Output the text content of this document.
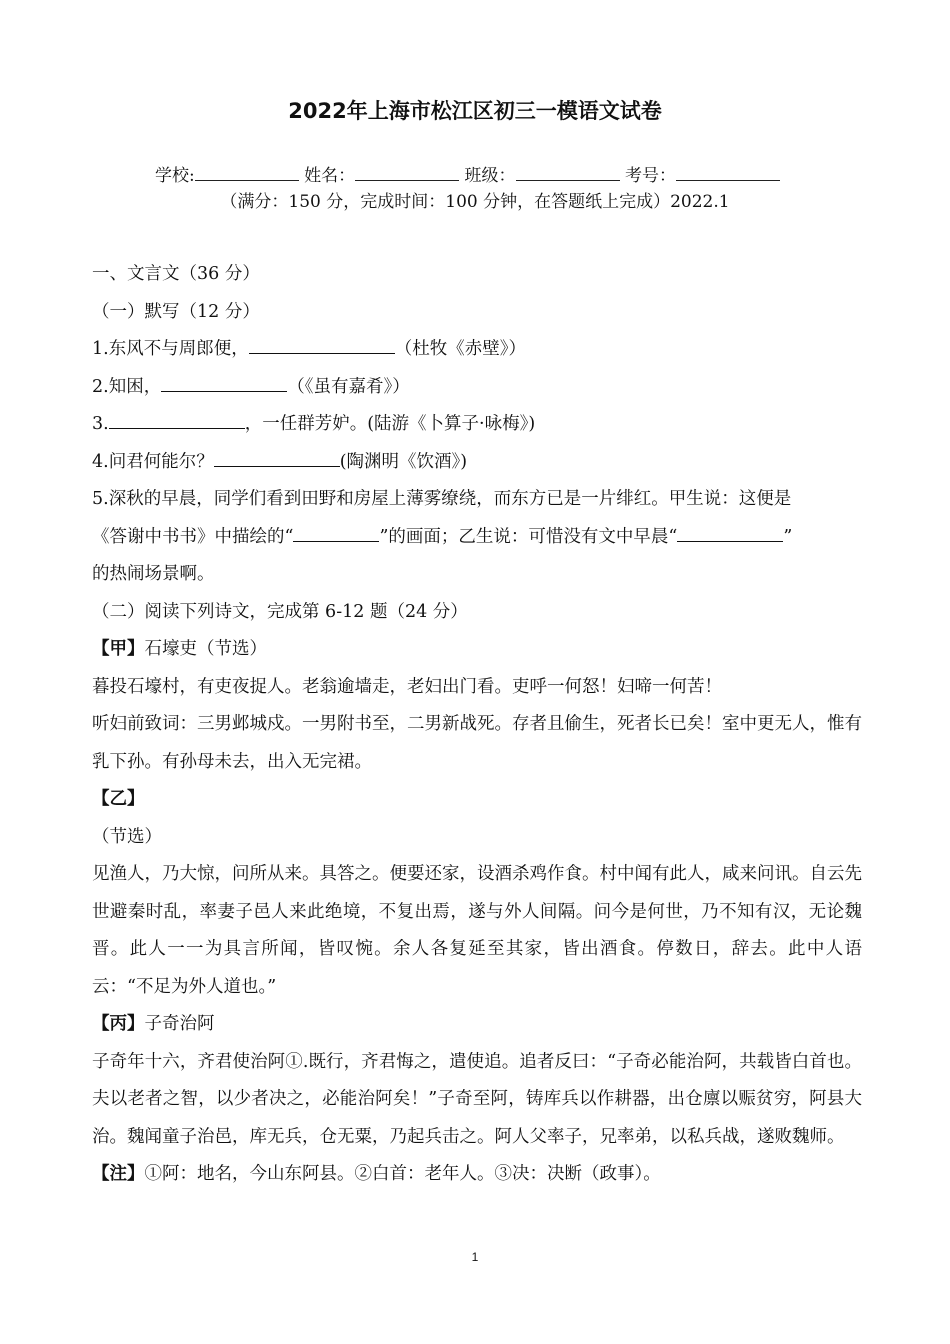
2022年上海市松江区初三一模语文试卷
学校:	姓名：	班级：	考号：
（满分：150 分，完成时间：100 分钟，在答题纸上完成）2022.1

一、文言文（36 分）

（一）默写（12 分）

1.东风不与周郎便，	（杜牧《赤壁》）

2.知困，	（《虽有嘉肴》）

3.	，一任群芳妒。(陆游《卜算子·咏梅》)

4.问君何能尔？	(陶渊明《饮酒》)

5.深秋的早晨，同学们看到田野和房屋上薄雾缭绕，而东方已是一片绯红。甲生说：这便是

《答谢中书书》中描绘的“	”的画面；乙生说：可惜没有文中早晨“	”

的热闹场景啊。

（二）阅读下列诗文，完成第 6-12 题（24 分）

【甲】石壕吏（节选）

暮投石壕村，有吏夜捉人。老翁逾墙走，老妇出门看。吏呼一何怒！妇啼一何苦！

听妇前致词：三男邺城戍。一男附书至，二男新战死。存者且偷生，死者长已矣！室中更无人，惟有乳下孙。有孙母未去，出入无完裙。

【乙】

（节选）

见渔人，乃大惊，问所从来。具答之。便要还家，设酒杀鸡作食。村中闻有此人，咸来问讯。自云先世避秦时乱，率妻子邑人来此绝境，不复出焉，遂与外人间隔。问今是何世，乃不知有汉，无论魏晋。此人一一为具言所闻，皆叹惋。余人各复延至其家，皆出酒食。停数日，辞去。此中人语云：“不足为外人道也。”

【丙】子奇治阿

子奇年十六，齐君使治阿①.既行，齐君悔之，遣使追。追者反曰：“子奇必能治阿，共载皆白首也。夫以老者之智，以少者决之，必能治阿矣！”子奇至阿，铸库兵以作耕器，出仓廪以赈贫穷，阿县大治。魏闻童子治邑，库无兵，仓无粟，乃起兵击之。阿人父率子，兄率弟，以私兵战，遂败魏师。

【注】①阿：地名，今山东阿县。②白首：老年人。③决：决断（政事）。

1
